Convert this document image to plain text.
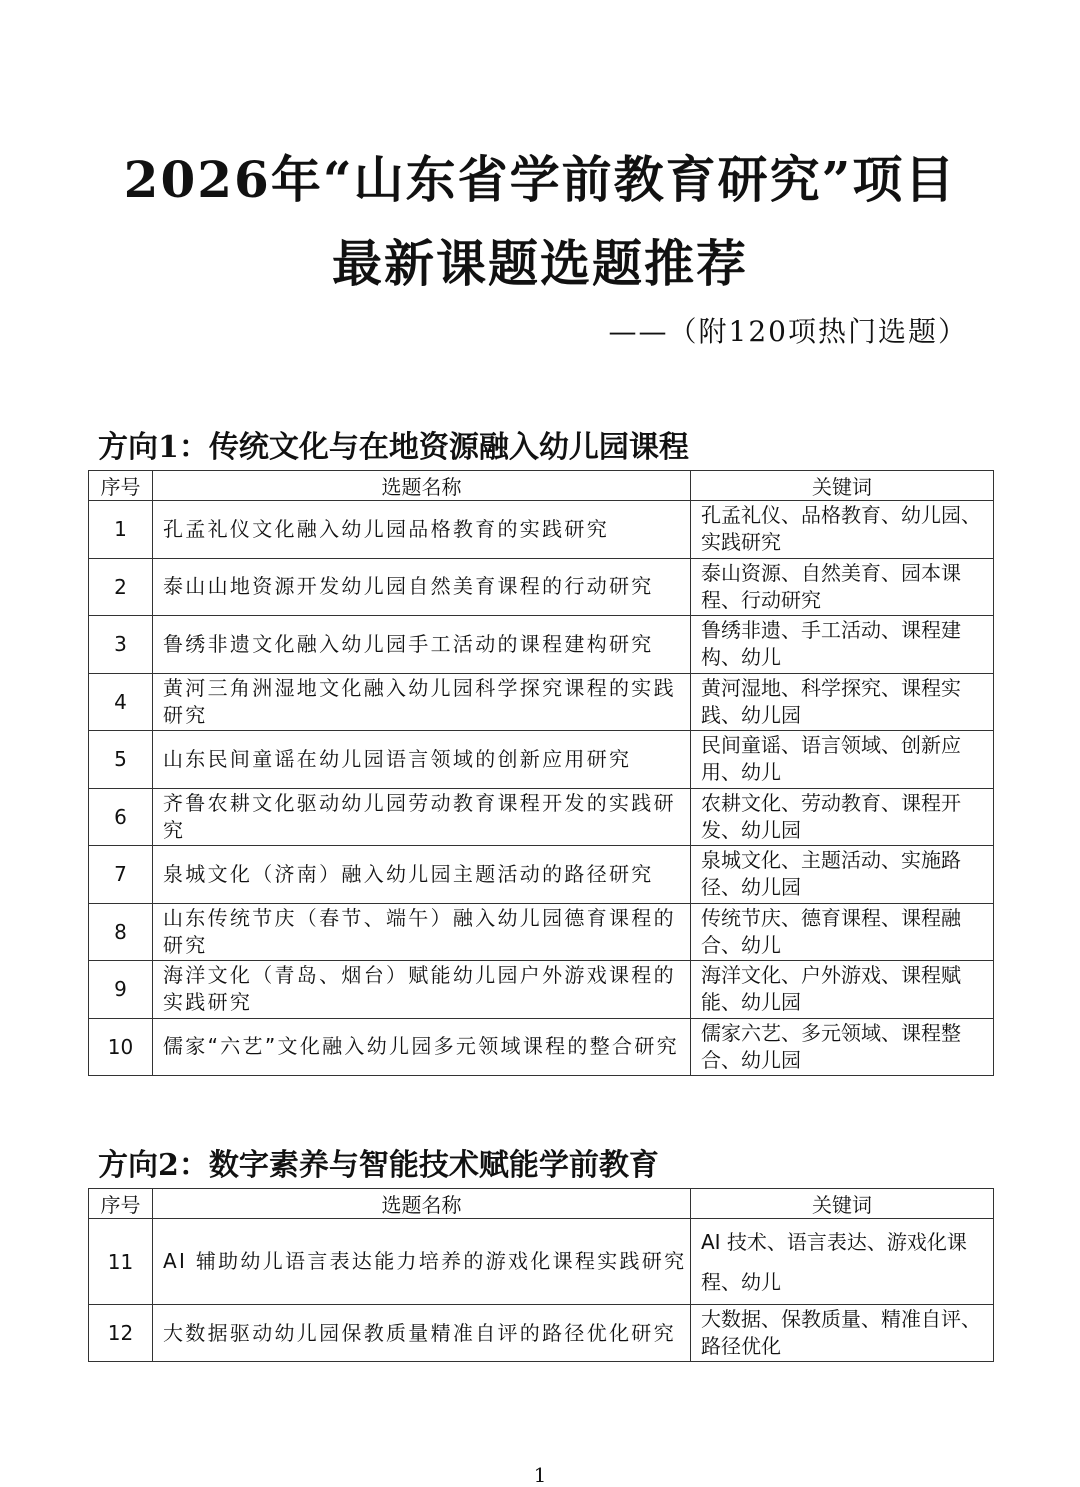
2026年“山东省学前教育研究”项目
最新课题选题推荐
——（附120项热门选题）
方向1：传统文化与在地资源融入幼儿园课程
序号	选题名称	关键词
1	孔孟礼仪文化融入幼儿园品格教育的实践研究	孔孟礼仪、品格教育、幼儿园、实践研究
2	泰山山地资源开发幼儿园自然美育课程的行动研究	泰山资源、自然美育、园本课程、行动研究
3	鲁绣非遗文化融入幼儿园手工活动的课程建构研究	鲁绣非遗、手工活动、课程建构、幼儿
4	黄河三角洲湿地文化融入幼儿园科学探究课程的实践研究	黄河湿地、科学探究、课程实践、幼儿园
5	山东民间童谣在幼儿园语言领域的创新应用研究	民间童谣、语言领域、创新应用、幼儿
6	齐鲁农耕文化驱动幼儿园劳动教育课程开发的实践研究	农耕文化、劳动教育、课程开发、幼儿园
7	泉城文化（济南）融入幼儿园主题活动的路径研究	泉城文化、主题活动、实施路径、幼儿园
8	山东传统节庆（春节、端午）融入幼儿园德育课程的研究	传统节庆、德育课程、课程融合、幼儿
9	海洋文化（青岛、烟台）赋能幼儿园户外游戏课程的实践研究	海洋文化、户外游戏、课程赋能、幼儿园
10	儒家“六艺”文化融入幼儿园多元领域课程的整合研究	儒家六艺、多元领域、课程整合、幼儿园
方向2：数字素养与智能技术赋能学前教育
序号	选题名称	关键词
11	AI 辅助幼儿语言表达能力培养的游戏化课程实践研究	AI 技术、语言表达、游戏化课程、幼儿
12	大数据驱动幼儿园保教质量精准自评的路径优化研究	大数据、保教质量、精准自评、路径优化
1
